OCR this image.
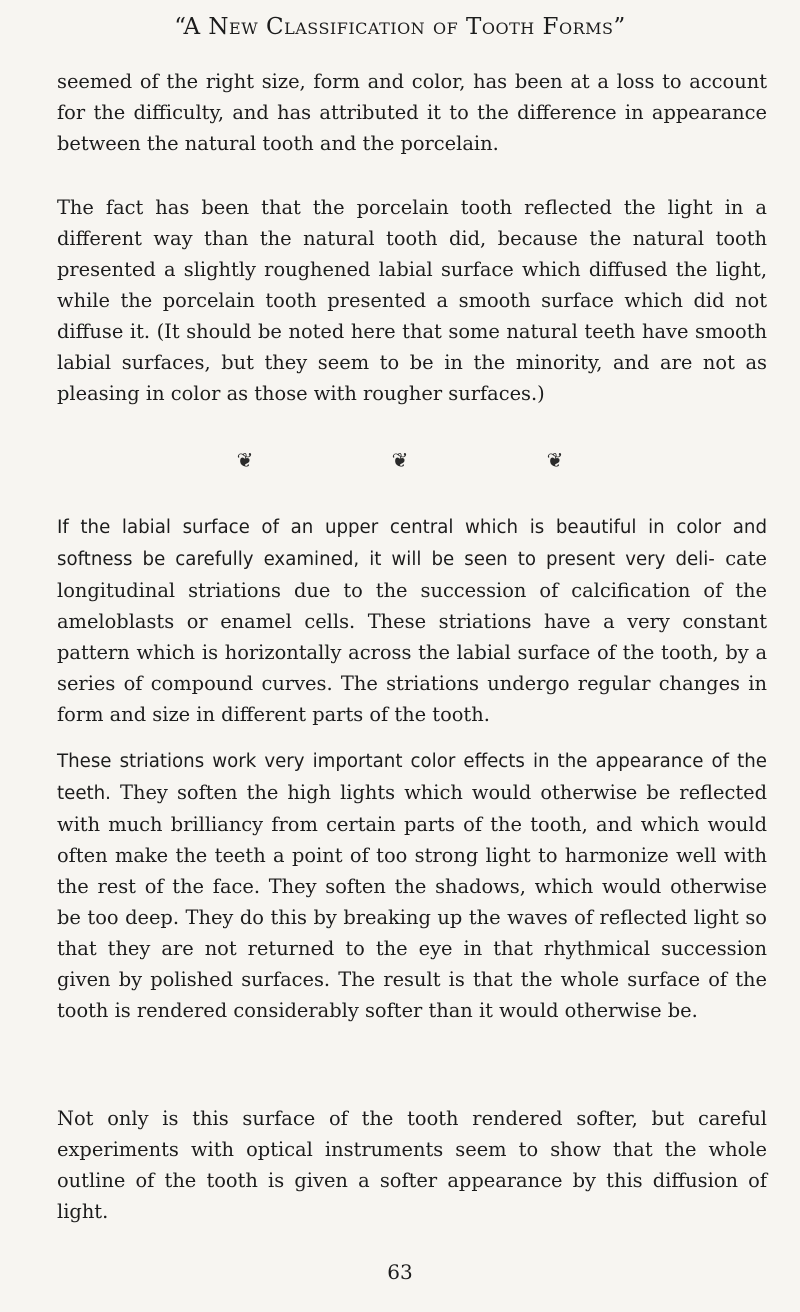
“A New Classification of Tooth Forms”

seemed of the right size, form and color, has been at a loss to account for the difficulty, and has attributed it to the difference in appearance between the natural tooth and the porcelain.

The fact has been that the porcelain tooth reflected the light in a different way than the natural tooth did, because the natural tooth presented a slightly roughened labial surface which diffused the light, while the porcelain tooth presented a smooth surface which did not diffuse it. (It should be noted here that some natural teeth have smooth labial surfaces, but they seem to be in the minority, and are not as pleasing in color as those with rougher surfaces.)

❦	❦	❦

If the labial surface of an upper central which is beautiful in color and softness be carefully examined, it will be seen to present very deli- cate longitudinal striations due to the succession of calcification of the ameloblasts or enamel cells. These striations have a very constant pattern which is horizontally across the labial surface of the tooth, by a series of compound curves. The striations undergo regular changes in form and size in different parts of the tooth.

These striations work very important color effects in the appearance of the teeth. They soften the high lights which would otherwise be reflected with much brilliancy from certain parts of the tooth, and which would often make the teeth a point of too strong light to harmonize well with the rest of the face. They soften the shadows, which would otherwise be too deep. They do this by breaking up the waves of reflected light so that they are not returned to the eye in that rhythmical succession given by polished surfaces. The result is that the whole surface of the tooth is rendered considerably softer than it would otherwise be.

Not only is this surface of the tooth rendered softer, but careful experiments with optical instruments seem to show that the whole outline of the tooth is given a softer appearance by this diffusion of light.

63
